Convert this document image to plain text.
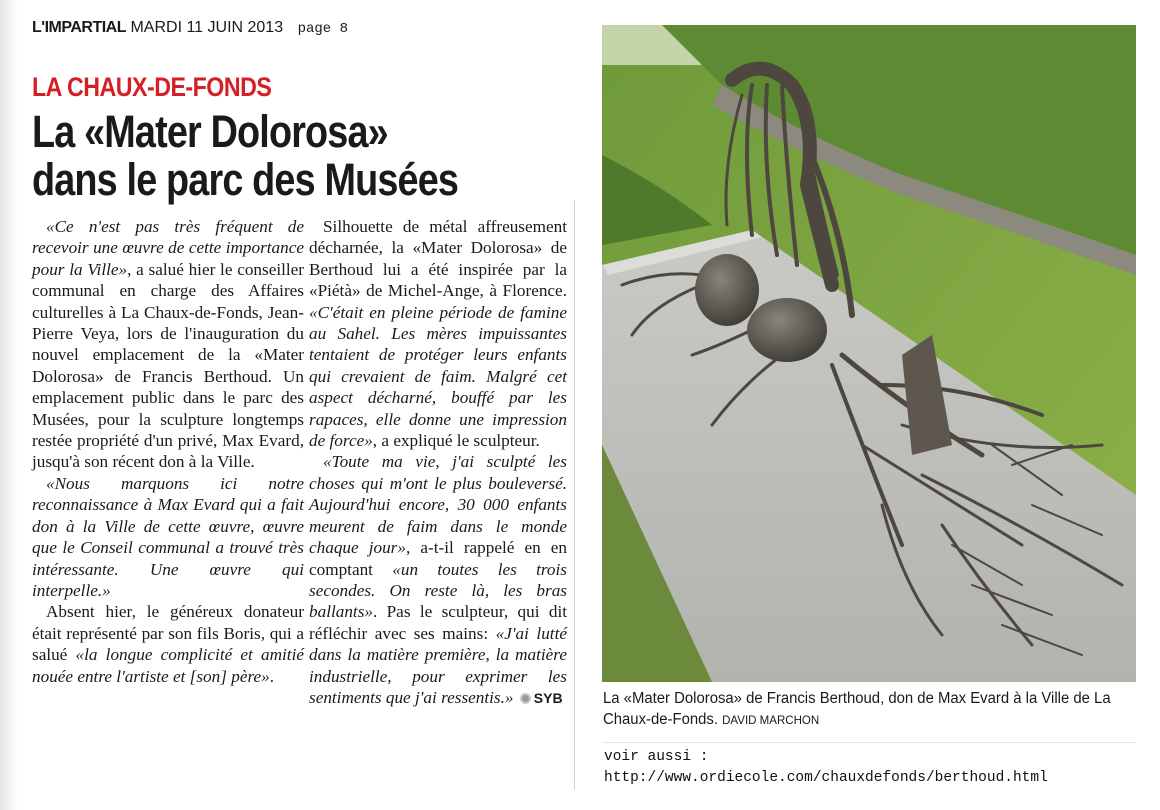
L'IMPARTIAL MARDI 11 JUIN 2013 page 8
LA CHAUX-DE-FONDS
La «Mater Dolorosa»
dans le parc des Musées

«Ce n'est pas très fréquent de recevoir une œuvre de cette importance pour la Ville», a salué hier le conseiller communal en charge des Affaires culturelles à La Chaux-de-Fonds, Jean-Pierre Veya, lors de l'inauguration du nouvel emplacement de la «Mater Dolorosa» de Francis Berthoud. Un emplacement public dans le parc des Musées, pour la sculpture longtemps restée propriété d'un privé, Max Evard, jusqu'à son récent don à la Ville.

«Nous marquons ici notre reconnaissance à Max Evard qui a fait don à la Ville de cette œuvre, œuvre que le Conseil communal a trouvé très intéressante. Une œuvre qui interpelle.»

Absent hier, le généreux donateur était représenté par son fils Boris, qui a salué «la longue complicité et amitié nouée entre l'artiste et [son] père».

Silhouette de métal affreusement décharnée, la «Mater Dolorosa» de Berthoud lui a été inspirée par la «Piétà» de Michel-Ange, à Florence. «C'était en pleine période de famine au Sahel. Les mères impuissantes tentaient de protéger leurs enfants qui crevaient de faim. Malgré cet aspect décharné, bouffé par les rapaces, elle donne une impression de force», a expliqué le sculpteur.

«Toute ma vie, j'ai sculpté les choses qui m'ont le plus bouleversé. Aujourd'hui encore, 30 000 enfants meurent de faim dans le monde chaque jour», a-t-il rappelé en en comptant «un toutes les trois secondes. On reste là, les bras ballants». Pas le sculpteur, qui dit réfléchir avec ses mains: «J'ai lutté dans la matière première, la matière industrielle, pour exprimer les sentiments que j'ai ressentis.» SYB	La «Mater Dolorosa» de Francis Berthoud, don de Max Evard à la Ville de La Chaux-de-Fonds. DAVID MARCHON
voir aussi :
http://www.ordiecole.com/chauxdefonds/berthoud.html
